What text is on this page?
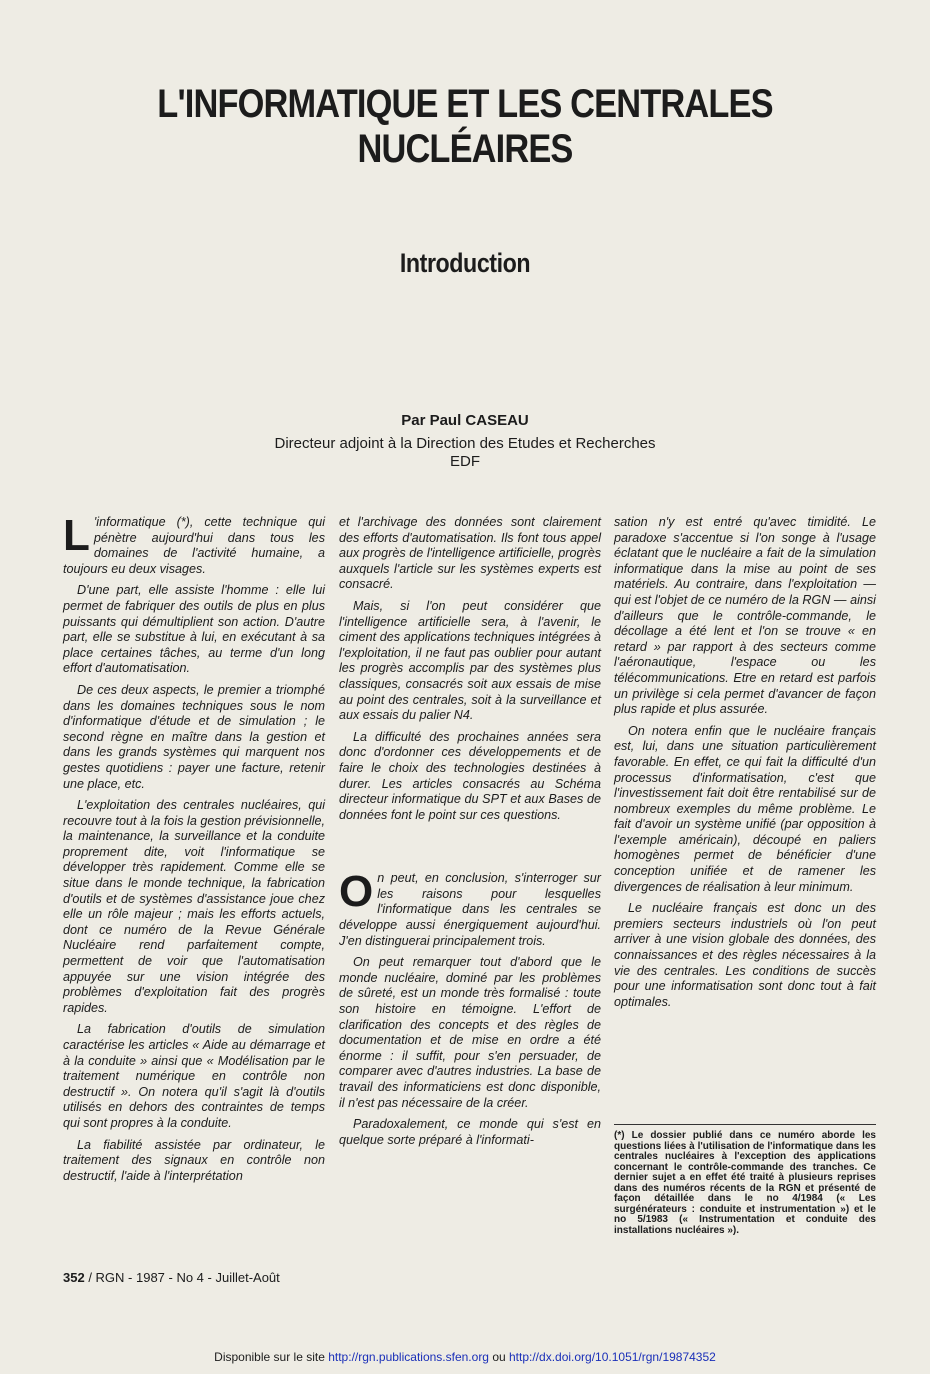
L'INFORMATIQUE ET LES CENTRALES NUCLÉAIRES
Introduction
Par Paul CASEAU
Directeur adjoint à la Direction des Etudes et Recherches
EDF

L 'informatique (*), cette technique qui pénètre aujourd'hui dans tous les domaines de l'activité humaine, a toujours eu deux visages.

D'une part, elle assiste l'homme : elle lui permet de fabriquer des outils de plus en plus puissants qui démultiplient son action. D'autre part, elle se substitue à lui, en exécutant à sa place certaines tâches, au terme d'un long effort d'automatisation.

De ces deux aspects, le premier a triomphé dans les domaines techniques sous le nom d'informatique d'étude et de simulation ; le second règne en maître dans la gestion et dans les grands systèmes qui marquent nos gestes quotidiens : payer une facture, retenir une place, etc.

L'exploitation des centrales nucléaires, qui recouvre tout à la fois la gestion prévisionnelle, la maintenance, la surveillance et la conduite proprement dite, voit l'informatique se développer très rapidement. Comme elle se situe dans le monde technique, la fabrication d'outils et de systèmes d'assistance joue chez elle un rôle majeur ; mais les efforts actuels, dont ce numéro de la Revue Générale Nucléaire rend parfaitement compte, permettent de voir que l'automatisation appuyée sur une vision intégrée des problèmes d'exploitation fait des progrès rapides.

La fabrication d'outils de simulation caractérise les articles « Aide au démarrage et à la conduite » ainsi que « Modélisation par le traitement numérique en contrôle non destructif ». On notera qu'il s'agit là d'outils utilisés en dehors des contraintes de temps qui sont propres à la conduite.

La fiabilité assistée par ordinateur, le traitement des signaux en contrôle non destructif, l'aide à l'interprétation

et l'archivage des données sont clairement des efforts d'automatisation. Ils font tous appel aux progrès de l'intelligence artificielle, progrès auxquels l'article sur les systèmes experts est consacré.

Mais, si l'on peut considérer que l'intelligence artificielle sera, à l'avenir, le ciment des applications techniques intégrées à l'exploitation, il ne faut pas oublier pour autant les progrès accomplis par des systèmes plus classiques, consacrés soit aux essais de mise au point des centrales, soit à la surveillance et aux essais du palier N4.

La difficulté des prochaines années sera donc d'ordonner ces développements et de faire le choix des technologies destinées à durer. Les articles consacrés au Schéma directeur informatique du SPT et aux Bases de données font le point sur ces questions.

On peut, en conclusion, s'interroger sur les raisons pour lesquelles l'informatique dans les centrales se développe aussi énergiquement aujourd'hui. J'en distinguerai principalement trois.

On peut remarquer tout d'abord que le monde nucléaire, dominé par les problèmes de sûreté, est un monde très formalisé : toute son histoire en témoigne. L'effort de clarification des concepts et des règles de documentation et de mise en ordre a été énorme : il suffit, pour s'en persuader, de comparer avec d'autres industries. La base de travail des informaticiens est donc disponible, il n'est pas nécessaire de la créer.

Paradoxalement, ce monde qui s'est en quelque sorte préparé à l'informati-

sation n'y est entré qu'avec timidité. Le paradoxe s'accentue si l'on songe à l'usage éclatant que le nucléaire a fait de la simulation informatique dans la mise au point de ses matériels. Au contraire, dans l'exploitation — qui est l'objet de ce numéro de la RGN — ainsi d'ailleurs que le contrôle-commande, le décollage a été lent et l'on se trouve « en retard » par rapport à des secteurs comme l'aéronautique, l'espace ou les télécommunications. Etre en retard est parfois un privilège si cela permet d'avancer de façon plus rapide et plus assurée.

On notera enfin que le nucléaire français est, lui, dans une situation particulièrement favorable. En effet, ce qui fait la difficulté d'un processus d'informatisation, c'est que l'investissement fait doit être rentabilisé sur de nombreux exemples du même problème. Le fait d'avoir un système unifié (par opposition à l'exemple américain), découpé en paliers homogènes permet de bénéficier d'une conception unifiée et de ramener les divergences de réalisation à leur minimum.

Le nucléaire français est donc un des premiers secteurs industriels où l'on peut arriver à une vision globale des données, des connaissances et des règles nécessaires à la vie des centrales. Les conditions de succès pour une informatisation sont donc tout à fait optimales.

(*) Le dossier publié dans ce numéro aborde les questions liées à l'utilisation de l'informatique dans les centrales nucléaires à l'exception des applications concernant le contrôle-commande des tranches. Ce dernier sujet a en effet été traité à plusieurs reprises dans des numéros récents de la RGN et présenté de façon détaillée dans le no 4/1984 (« Les surgénérateurs : conduite et instrumentation ») et le no 5/1983 (« Instrumentation et conduite des installations nucléaires »).
352 / RGN - 1987 - No 4 - Juillet-Août
Disponible sur le site http://rgn.publications.sfen.org ou http://dx.doi.org/10.1051/rgn/19874352
